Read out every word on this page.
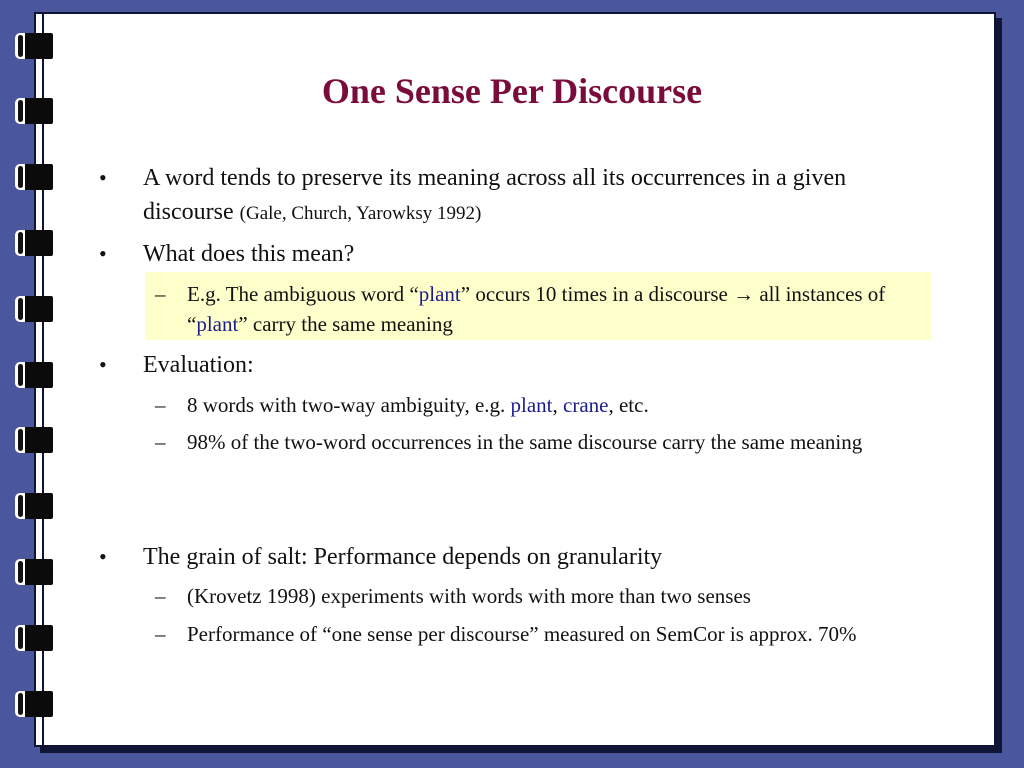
One Sense Per Discourse
• A word tends to preserve its meaning across all its occurrences in a given discourse (Gale, Church, Yarowksy 1992)
• What does this mean?
– E.g. The ambiguous word “plant” occurs 10 times in a discourse → all instances of “plant” carry the same meaning
• Evaluation:
– 8 words with two-way ambiguity, e.g. plant, crane, etc.
– 98% of the two-word occurrences in the same discourse carry the same meaning
• The grain of salt: Performance depends on granularity
– (Krovetz 1998) experiments with words with more than two senses
– Performance of “one sense per discourse” measured on SemCor is approx. 70%
